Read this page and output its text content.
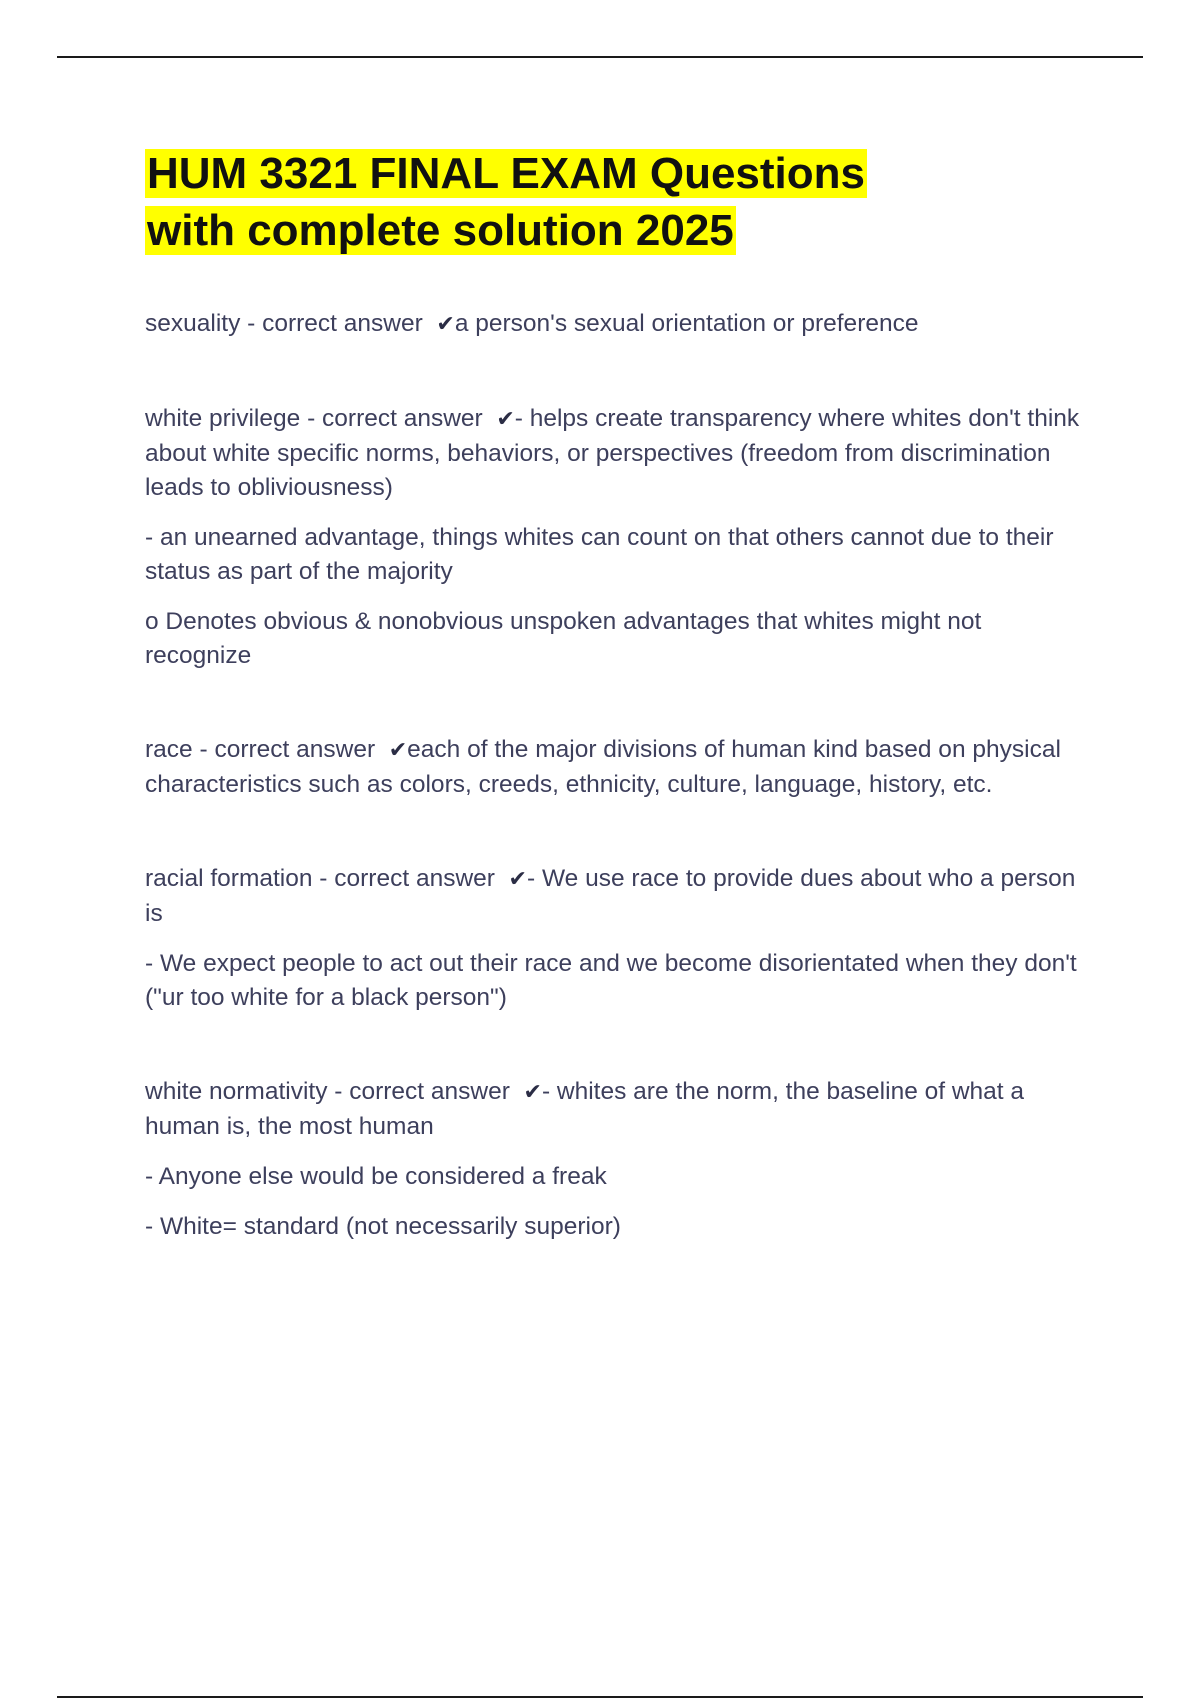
HUM 3321 FINAL EXAM Questions
with complete solution 2025

sexuality - correct answer  ✔a person's sexual orientation or preference

white privilege - correct answer  ✔- helps create transparency where whites don't think about white specific norms, behaviors, or perspectives (freedom from discrimination leads to obliviousness)

- an unearned advantage, things whites can count on that others cannot due to their status as part of the majority

o Denotes obvious & nonobvious unspoken advantages that whites might not recognize

race - correct answer  ✔each of the major divisions of human kind based on physical characteristics such as colors, creeds, ethnicity, culture, language, history, etc.

racial formation - correct answer  ✔- We use race to provide dues about who a person is

- We expect people to act out their race and we become disorientated when they don't ("ur too white for a black person")

white normativity - correct answer  ✔- whites are the norm, the baseline of what a human is, the most human

- Anyone else would be considered a freak

- White= standard (not necessarily superior)
